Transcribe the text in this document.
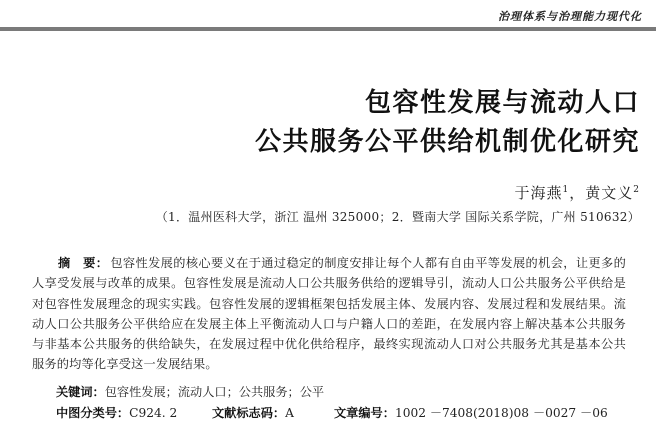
治理体系与治理能力现代化
包容性发展与流动人口
公共服务公平供给机制优化研究
于海燕$^1$，黄文义$^2$
（1．温州医科大学，浙江 温州 325000；2．暨南大学 国际关系学院，广州 510632）
摘　要： 包容性发展的核心要义在于通过稳定的制度安排让每个人都有自由平等发展的机会，让更多的人享受发展与改革的成果。包容性发展是流动人口公共服务供给的逻辑导引，流动人口公共服务公平供给是对包容性发展理念的现实实践。包容性发展的逻辑框架包括发展主体、发展内容、发展过程和发展结果。流动人口公共服务公平供给应在发展主体上平衡流动人口与户籍人口的差距，在发展内容上解决基本公共服务与非基本公共服务的供给缺失，在发展过程中优化供给程序，最终实现流动人口对公共服务尤其是基本公共服务的均等化享受这一发展结果。
关键词：包容性发展；流动人口；公共服务；公平
中图分类号：C924. 2	文献标志码：A	文章编号：1002 －7408(2018)08 －0027 －06
